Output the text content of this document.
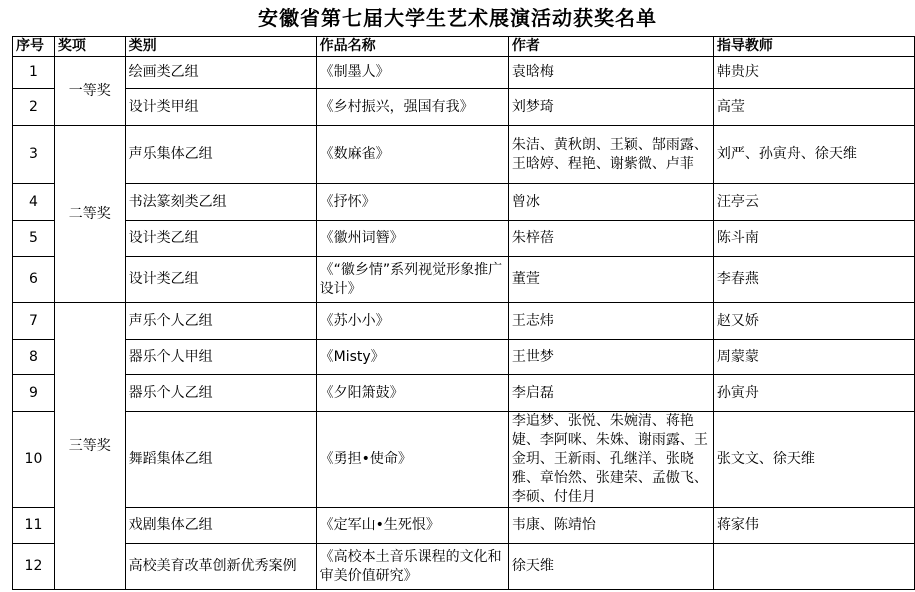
安徽省第七届大学生艺术展演活动获奖名单
序号	奖项	类别	作品名称	作者	指导教师
1	一等奖	绘画类乙组	《制墨人》	袁晗梅	韩贵庆
2		设计类甲组	《乡村振兴，强国有我》	刘梦琦	高莹
3	二等奖	声乐集体乙组	《数麻雀》	朱洁、黄秋朗、王颖、郜雨露、王晗婷、程艳、谢紫微、卢菲	刘严、孙寅舟、徐天维
4		书法篆刻类乙组	《抒怀》	曾冰	汪亭云
5		设计类乙组	《徽州词簪》	朱梓蓓	陈斗南
6		设计类乙组	《“徽乡情”系列视觉形象推广设计》	董萱	李春燕
7	三等奖	声乐个人乙组	《苏小小》	王志炜	赵又娇
8		器乐个人甲组	《Misty》	王世梦	周蒙蒙
9		器乐个人乙组	《夕阳箫鼓》	李启磊	孙寅舟
10		舞蹈集体乙组	《勇担•使命》	李追梦、张悦、朱婉清、蒋艳婕、李阿咪、朱姝、谢雨露、王金玥、王新雨、孔继洋、张晓雅、章怡然、张建荣、孟傲飞、李硕、付佳月	张文文、徐天维
11		戏剧集体乙组	《定军山•生死恨》	韦康、陈靖怡	蒋家伟
12		高校美育改革创新优秀案例	《高校本土音乐课程的文化和审美价值研究》	徐天维	
